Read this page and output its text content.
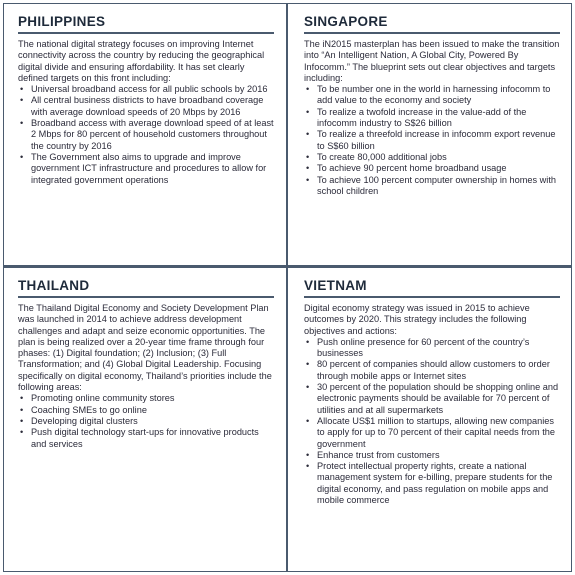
PHILIPPINES

The national digital strategy focuses on improving Internet connectivity across the country by reducing the geographical digital divide and ensuring affordability. It has set clearly defined targets on this front including:

• Universal broadband access for all public schools by 2016
• All central business districts to have broadband coverage with average download speeds of 20 Mbps by 2016
• Broadband access with average download speed of at least 2 Mbps for 80 percent of household customers throughout the country by 2016
• The Government also aims to upgrade and improve government ICT infrastructure and procedures to allow for integrated government operations
SINGAPORE

The iN2015 masterplan has been issued to make the transition into “An Intelligent Nation, A Global City, Powered By Infocomm.” The blueprint sets out clear objectives and targets including:

• To be number one in the world in harnessing infocomm to add value to the economy and society
• To realize a twofold increase in the value-add of the infocomm industry to S$26 billion
• To realize a threefold increase in infocomm export revenue to S$60 billion
• To create 80,000 additional jobs
• To achieve 90 percent home broadband usage
• To achieve 100 percent computer ownership in homes with school children
THAILAND

The Thailand Digital Economy and Society Development Plan was launched in 2014 to achieve address development challenges and adapt and seize economic opportunities. The plan is being realized over a 20-year time frame through four phases: (1) Digital foundation; (2) Inclusion; (3) Full Transformation; and (4) Global Digital Leadership. Focusing specifically on digital economy, Thailand’s priorities include the following areas:

• Promoting online community stores
• Coaching SMEs to go online
• Developing digital clusters
• Push digital technology start-ups for innovative products and services
VIETNAM

Digital economy strategy was issued in 2015 to achieve outcomes by 2020. This strategy includes the following objectives and actions:

• Push online presence for 60 percent of the country’s businesses
• 80 percent of companies should allow customers to order through mobile apps or Internet sites
• 30 percent of the population should be shopping online and electronic payments should be available for 70 percent of utilities and at all supermarkets
• Allocate US$1 million to startups, allowing new companies to apply for up to 70 percent of their capital needs from the government
• Enhance trust from customers
• Protect intellectual property rights, create a national management system for e-billing, prepare students for the digital economy, and pass regulation on mobile apps and mobile commerce
